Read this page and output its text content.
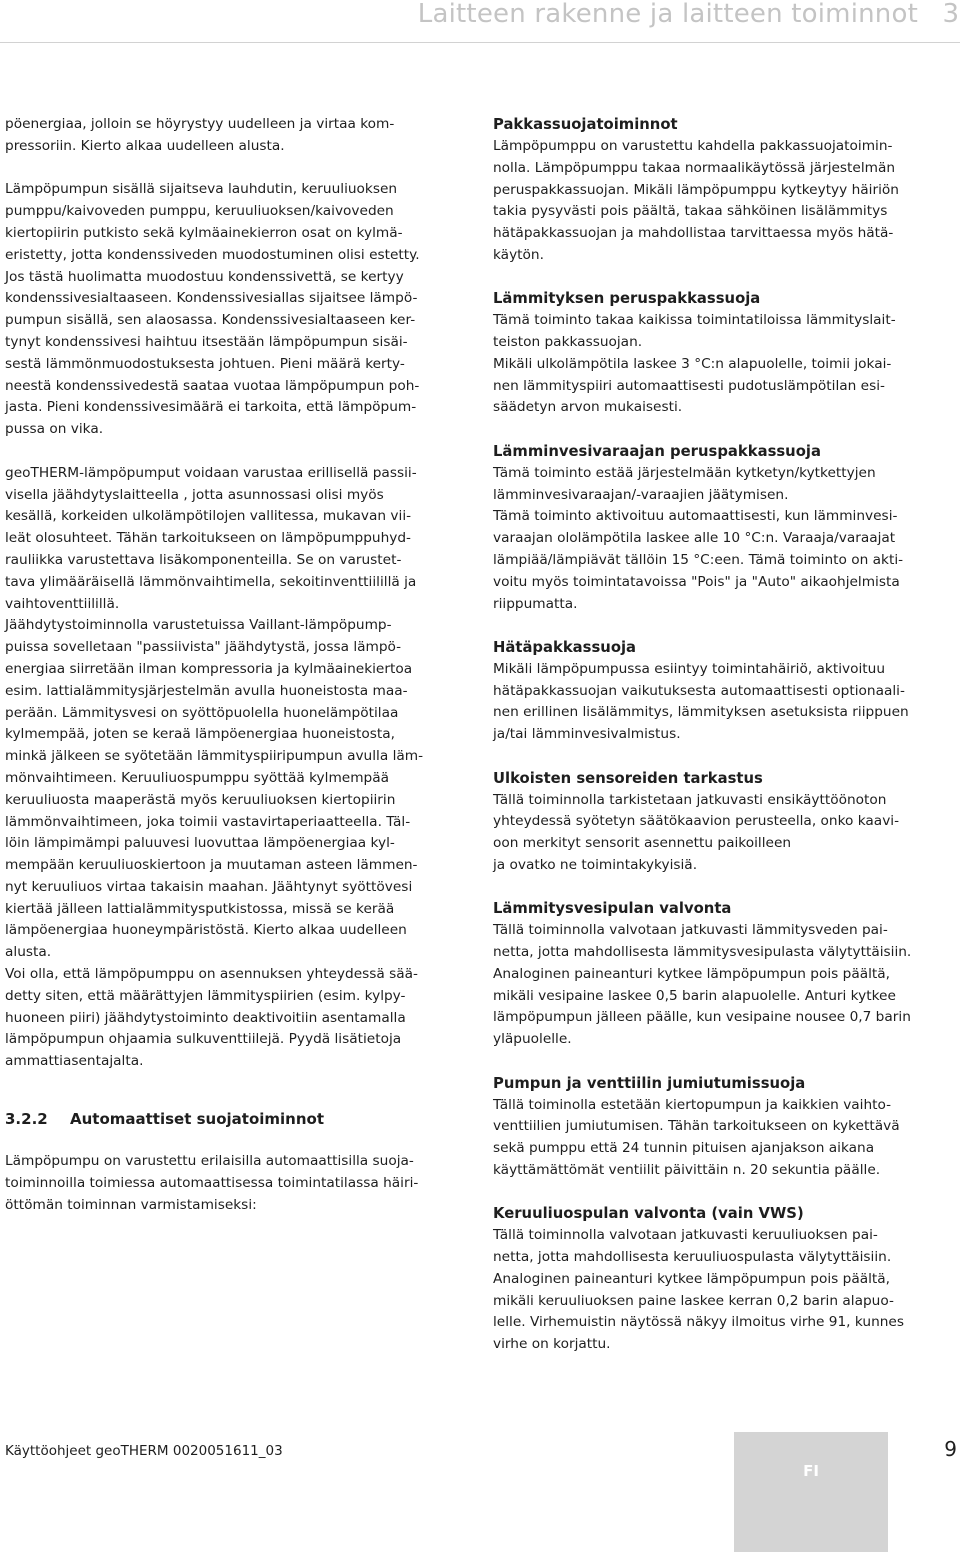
Laitteen rakenne ja laitteen toiminnot 3
pöenergiaa, jolloin se höyrystyy uudelleen ja virtaa kom-
pressoriin. Kierto alkaa uudelleen alusta.
Lämpöpumpun sisällä sijaitseva lauhdutin, keruuliuoksen
pumppu/kaivoveden pumppu, keruuliuoksen/kaivoveden
kiertopiirin putkisto sekä kylmäainekierron osat on kylmä-
eristetty, jotta kondenssiveden muodostuminen olisi estetty.
Jos tästä huolimatta muodostuu kondenssivettä, se kertyy
kondenssivesialtaaseen. Kondenssivesiallas sijaitsee lämpö-
pumpun sisällä, sen alaosassa. Kondenssivesialtaaseen ker-
tynyt kondenssivesi haihtuu itsestään lämpöpumpun sisäi-
sestä lämmönmuodostuksesta johtuen. Pieni määrä kerty-
neestä kondenssivedestä saataa vuotaa lämpöpumpun poh-
jasta. Pieni kondenssivesimäärä ei tarkoita, että lämpöpum-
pussa on vika.
geoTHERM-lämpöpumput voidaan varustaa erillisellä passii-
visella jäähdytyslaitteella , jotta asunnossasi olisi myös
kesällä, korkeiden ulkolämpötilojen vallitessa, mukavan vii-
leät olosuhteet. Tähän tarkoitukseen on lämpöpumppuhyd-
rauliikka varustettava lisäkomponenteilla. Se on varustet-
tava ylimääräisellä lämmönvaihtimella, sekoitinventtiilillä ja
vaihtoventtiilillä.
Jäähdytystoiminnolla varustetuissa Vaillant-lämpöpump-
puissa sovelletaan "passiivista" jäähdytystä, jossa lämpö-
energiaa siirretään ilman kompressoria ja kylmäainekiertoa
esim. lattialämmitysjärjestelmän avulla huoneistosta maa-
perään. Lämmitysvesi on syöttöpuolella huonelämpötilaa
kylmempää, joten se keraä lämpöenergiaa huoneistosta,
minkä jälkeen se syötetään lämmityspiiripumpun avulla läm-
mönvaihtimeen. Keruuliuospumppu syöttää kylmempää
keruuliuosta maaperästä myös keruuliuoksen kiertopiirin
lämmönvaihtimeen, joka toimii vastavirtaperiaatteella. Täl-
löin lämpimämpi paluuvesi luovuttaa lämpöenergiaa kyl-
mempään keruuliuoskiertoon ja muutaman asteen lämmen-
nyt keruuliuos virtaa takaisin maahan. Jäähtynyt syöttövesi
kiertää jälleen lattialämmitysputkistossa, missä se kerää
lämpöenergiaa huoneympäristöstä. Kierto alkaa uudelleen
alusta.
Voi olla, että lämpöpumppu on asennuksen yhteydessä sää-
detty siten, että määrättyjen lämmityspiirien (esim. kylpy-
huoneen piiri) jäähdytystoiminto deaktivoitiin asentamalla
lämpöpumpun ohjaamia sulkuventtiilejä. Pyydä lisätietoja
ammattiasentajalta.
3.2.2 Automaattiset suojatoiminnot
Lämpöpumpu on varustettu erilaisilla automaattisilla suoja-
toiminnoilla toimiessa automaattisessa toimintatilassa häiri-
öttömän toiminnan varmistamiseksi:
Pakkassuojatoiminnot
Lämpöpumppu on varustettu kahdella pakkassuojatoimin-
nolla. Lämpöpumppu takaa normaalikäytössä järjestelmän
peruspakkassuojan. Mikäli lämpöpumppu kytkeytyy häiriön
takia pysyvästi pois päältä, takaa sähköinen lisälämmitys
hätäpakkassuojan ja mahdollistaa tarvittaessa myös hätä-
käytön.
Lämmityksen peruspakkassuoja
Tämä toiminto takaa kaikissa toimintatiloissa lämmityslait-
teiston pakkassuojan.
Mikäli ulkolämpötila laskee 3 °C:n alapuolelle, toimii jokai-
nen lämmityspiiri automaattisesti pudotuslämpötilan esi-
säädetyn arvon mukaisesti.
Lämminvesivaraajan peruspakkassuoja
Tämä toiminto estää järjestelmään kytketyn/kytkettyjen
lämminvesivaraajan/-varaajien jäätymisen.
Tämä toiminto aktivoituu automaattisesti, kun lämminvesi-
varaajan ololämpötila laskee alle 10 °C:n. Varaaja/varaajat
lämpiää/lämpiävät tällöin 15 °C:een. Tämä toiminto on akti-
voitu myös toimintatavoissa "Pois" ja "Auto" aikaohjelmista
riippumatta.
Hätäpakkassuoja
Mikäli lämpöpumpussa esiintyy toimintahäiriö, aktivoituu
hätäpakkassuojan vaikutuksesta automaattisesti optionaali-
nen erillinen lisälämmitys, lämmityksen asetuksista riippuen
ja/tai lämminvesivalmistus.
Ulkoisten sensoreiden tarkastus
Tällä toiminnolla tarkistetaan jatkuvasti ensikäyttöönoton
yhteydessä syötetyn säätökaavion perusteella, onko kaavi-
oon merkityt sensorit asennettu paikoilleen
ja ovatko ne toimintakykyisiä.
Lämmitysvesipulan valvonta
Tällä toiminnolla valvotaan jatkuvasti lämmitysveden pai-
netta, jotta mahdollisesta lämmitysvesipulasta välytyttäisiin.
Analoginen paineanturi kytkee lämpöpumpun pois päältä,
mikäli vesipaine laskee 0,5 barin alapuolelle. Anturi kytkee
lämpöpumpun jälleen päälle, kun vesipaine nousee 0,7 barin
yläpuolelle.
Pumpun ja venttiilin jumiutumissuoja
Tällä toiminolla estetään kiertopumpun ja kaikkien vaihto-
venttiilien jumiutumisen. Tähän tarkoitukseen on kykettävä
sekä pumppu että 24 tunnin pituisen ajanjakson aikana
käyttämättömät ventiilit päivittäin n. 20 sekuntia päälle.
Keruuliuospulan valvonta (vain VWS)
Tällä toiminnolla valvotaan jatkuvasti keruuliuoksen pai-
netta, jotta mahdollisesta keruuliuospulasta välytyttäisiin.
Analoginen paineanturi kytkee lämpöpumpun pois päältä,
mikäli keruuliuoksen paine laskee kerran 0,2 barin alapuo-
lelle. Virhemuistin näytössä näkyy ilmoitus virhe 91, kunnes
virhe on korjattu.
Käyttöohjeet geoTHERM 0020051611_03
FI
9
